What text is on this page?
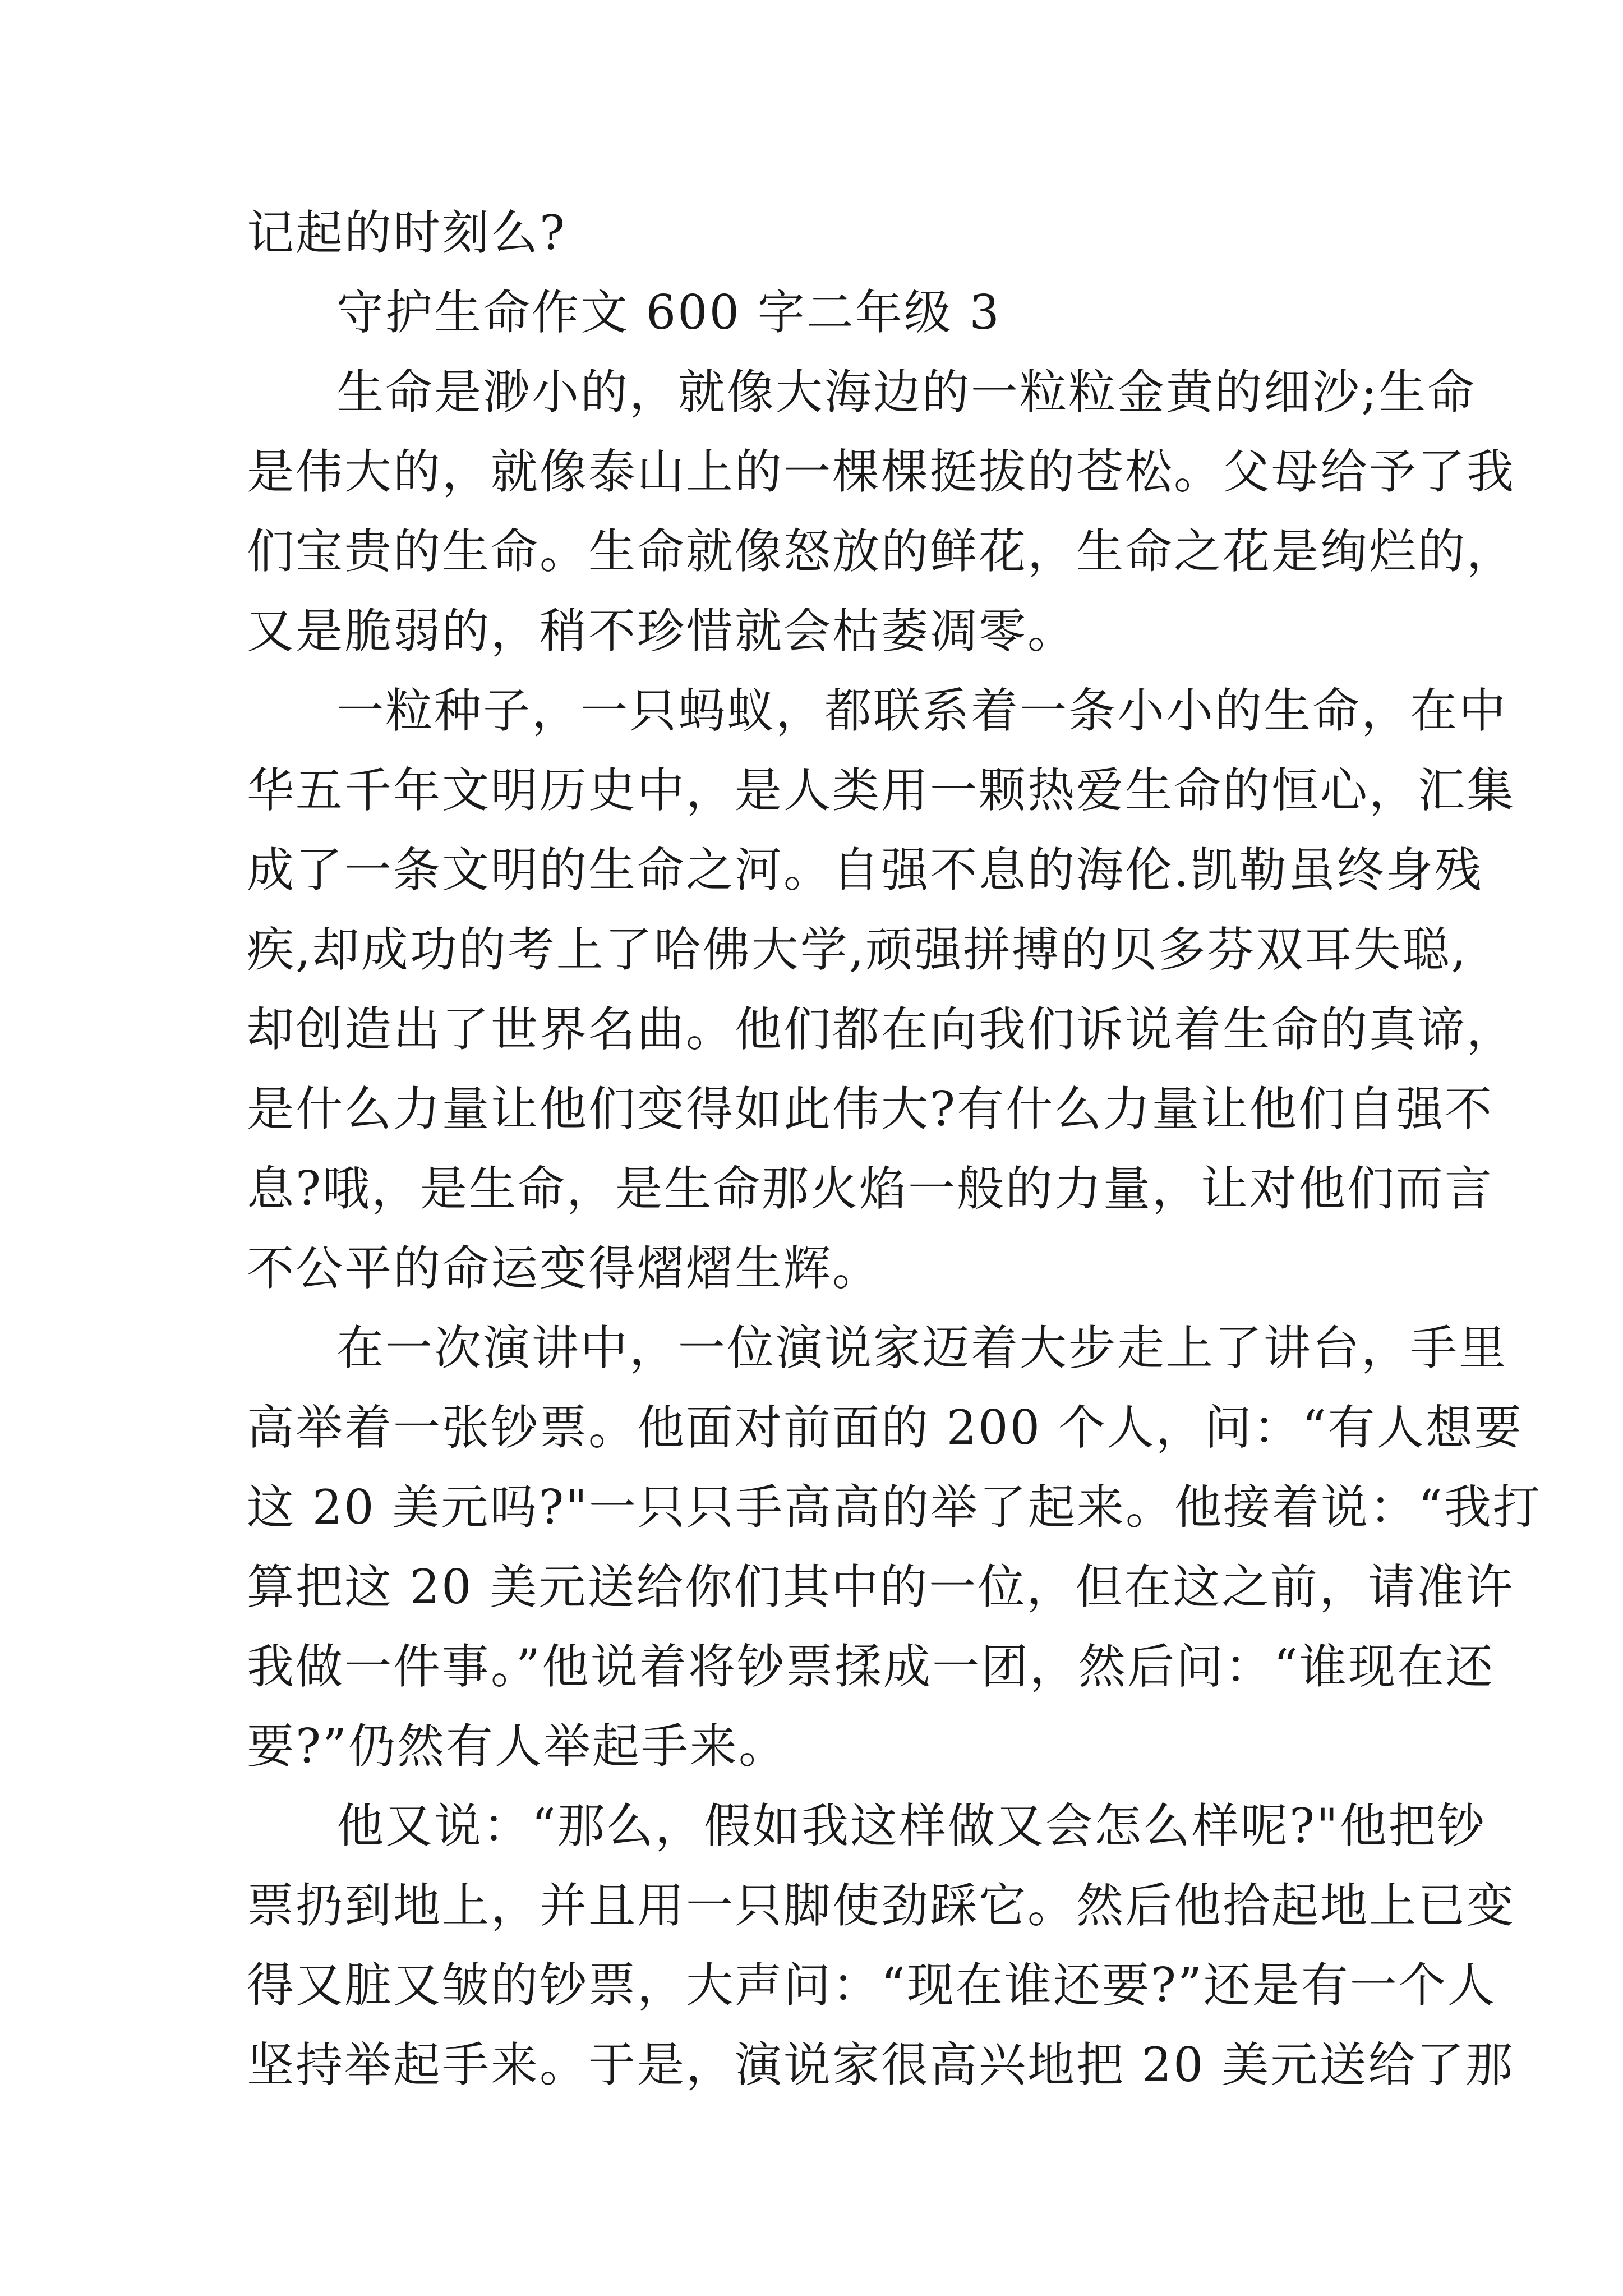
记起的时刻么?
守护生命作文 600 字二年级 3
生命是渺小的，就像大海边的一粒粒金黄的细沙;生命
是伟大的，就像泰山上的一棵棵挺拔的苍松。父母给予了我
们宝贵的生命。生命就像怒放的鲜花，生命之花是绚烂的，
又是脆弱的，稍不珍惜就会枯萎凋零。
一粒种子，一只蚂蚁，都联系着一条小小的生命，在中
华五千年文明历史中，是人类用一颗热爱生命的恒心，汇集
成了一条文明的生命之河。自强不息的海伦.凯勒虽终身残
疾,却成功的考上了哈佛大学,顽强拼搏的贝多芬双耳失聪,
却创造出了世界名曲。他们都在向我们诉说着生命的真谛，
是什么力量让他们变得如此伟大?有什么力量让他们自强不
息?哦，是生命，是生命那火焰一般的力量，让对他们而言
不公平的命运变得熠熠生辉。
在一次演讲中，一位演说家迈着大步走上了讲台，手里
高举着一张钞票。他面对前面的 200 个人，问：“有人想要
这 20 美元吗?"一只只手高高的举了起来。他接着说：“我打
算把这 20 美元送给你们其中的一位，但在这之前，请准许
我做一件事。”他说着将钞票揉成一团，然后问：“谁现在还
要?”仍然有人举起手来。
他又说：“那么，假如我这样做又会怎么样呢?"他把钞
票扔到地上，并且用一只脚使劲踩它。然后他拾起地上已变
得又脏又皱的钞票，大声问：“现在谁还要?”还是有一个人
坚持举起手来。于是，演说家很高兴地把 20 美元送给了那
